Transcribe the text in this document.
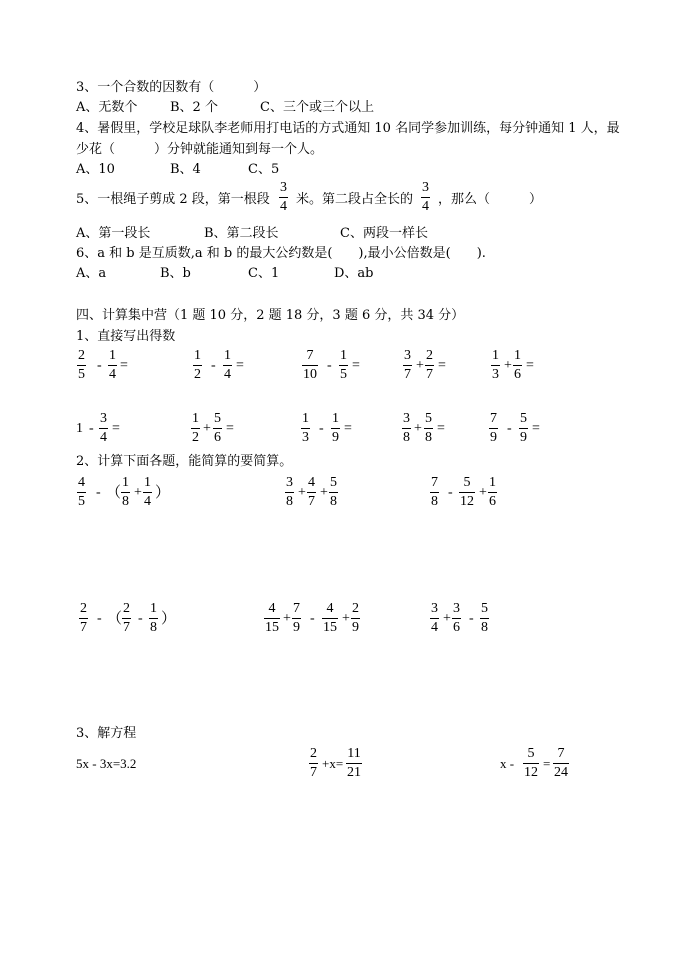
3、一个合数的因数有（　　　）
A、无数个	B、2 个	C、三个或三个以上
4、暑假里，学校足球队李老师用打电话的方式通知 10 名同学参加训练，每分钟通知 1 人，最
少花（　　　）分钟就能通知到每一个人。
A、10	B、4	C、5
5、一根绳子剪成 2 段，第一根段 $\frac{3}{4}$ 米。第二段占全长的 $\frac{3}{4}$ ，那么（　　　）
A、第一段长	B、第二段长	C、两段一样长
6、a 和 b 是互质数,a 和 b 的最大公约数是(　　),最小公倍数是(　　).
A、a	B、b	C、1	D、ab
四、计算集中营（1 题 10 分，2 题 18 分，3 题 6 分，共 34 分）
1、直接写出得数
$\frac{2}{5} - \frac{1}{4}$ =	$\frac{1}{2} - \frac{1}{4}$ =	$\frac{7}{10} - \frac{1}{5}$ =	$\frac{3}{7} + \frac{2}{7}$ =	$\frac{1}{3} + \frac{1}{6}$ =
$1 - \frac{3}{4}$ =	$\frac{1}{2} + \frac{5}{6}$ =	$\frac{1}{3} - \frac{1}{9}$ =	$\frac{3}{8} + \frac{5}{8}$ =	$\frac{7}{9} - \frac{5}{9}$ =
2、计算下面各题，能简算的要简算。
$\frac{4}{5}$ - （ $\frac{1}{8} + \frac{1}{4}$ ）	$\frac{3}{8} + \frac{4}{7} + \frac{5}{8}$	$\frac{7}{8} - \frac{5}{12} + \frac{1}{6}$
$\frac{2}{7}$ - （ $\frac{2}{7} - \frac{1}{8}$ ）	$\frac{4}{15} + \frac{7}{9} - \frac{4}{15} + \frac{2}{9}$	$\frac{3}{4} + \frac{3}{6} - \frac{5}{8}$
3、解方程
5x - 3x=3.2	$\frac{2}{7} +x= \frac{11}{21}$	$x - \frac{5}{12} = \frac{7}{24}$
